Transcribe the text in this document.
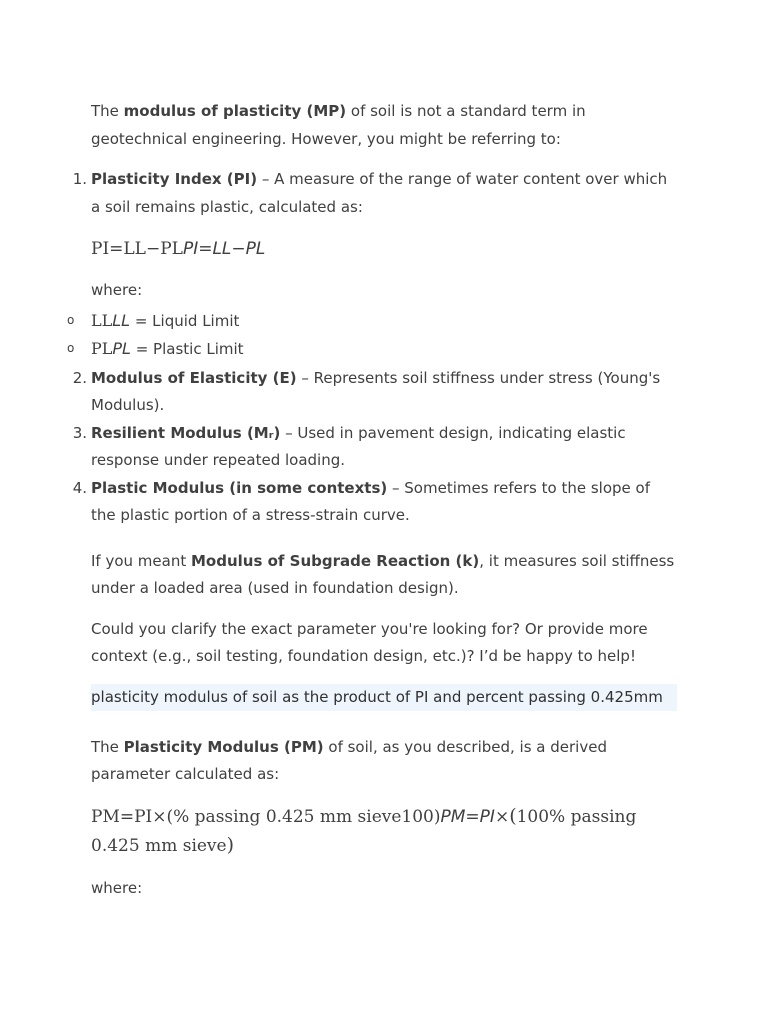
The modulus of plasticity (MP) of soil is not a standard term in geotechnical engineering. However, you might be referring to:

1. Plasticity Index (PI) – A measure of the range of water content over which a soil remains plastic, calculated as:
PI=LL−PLPI=LL−PL

where:

o LLLL = Liquid Limit
o PLPL = Plastic Limit
2. Modulus of Elasticity (E) – Represents soil stiffness under stress (Young's Modulus).
3. Resilient Modulus (Mᵣ) – Used in pavement design, indicating elastic response under repeated loading.
4. Plastic Modulus (in some contexts) – Sometimes refers to the slope of the plastic portion of a stress-strain curve.

If you meant Modulus of Subgrade Reaction (k), it measures soil stiffness under a loaded area (used in foundation design).

Could you clarify the exact parameter you're looking for? Or provide more context (e.g., soil testing, foundation design, etc.)? I’d be happy to help!

plasticity modulus of soil as the product of PI and percent passing 0.425mm

The Plasticity Modulus (PM) of soil, as you described, is a derived parameter calculated as:

PM=PI×(% passing 0.425 mm sieve100)PM=PI×(100% passing 0.425 mm sieve)

where:
